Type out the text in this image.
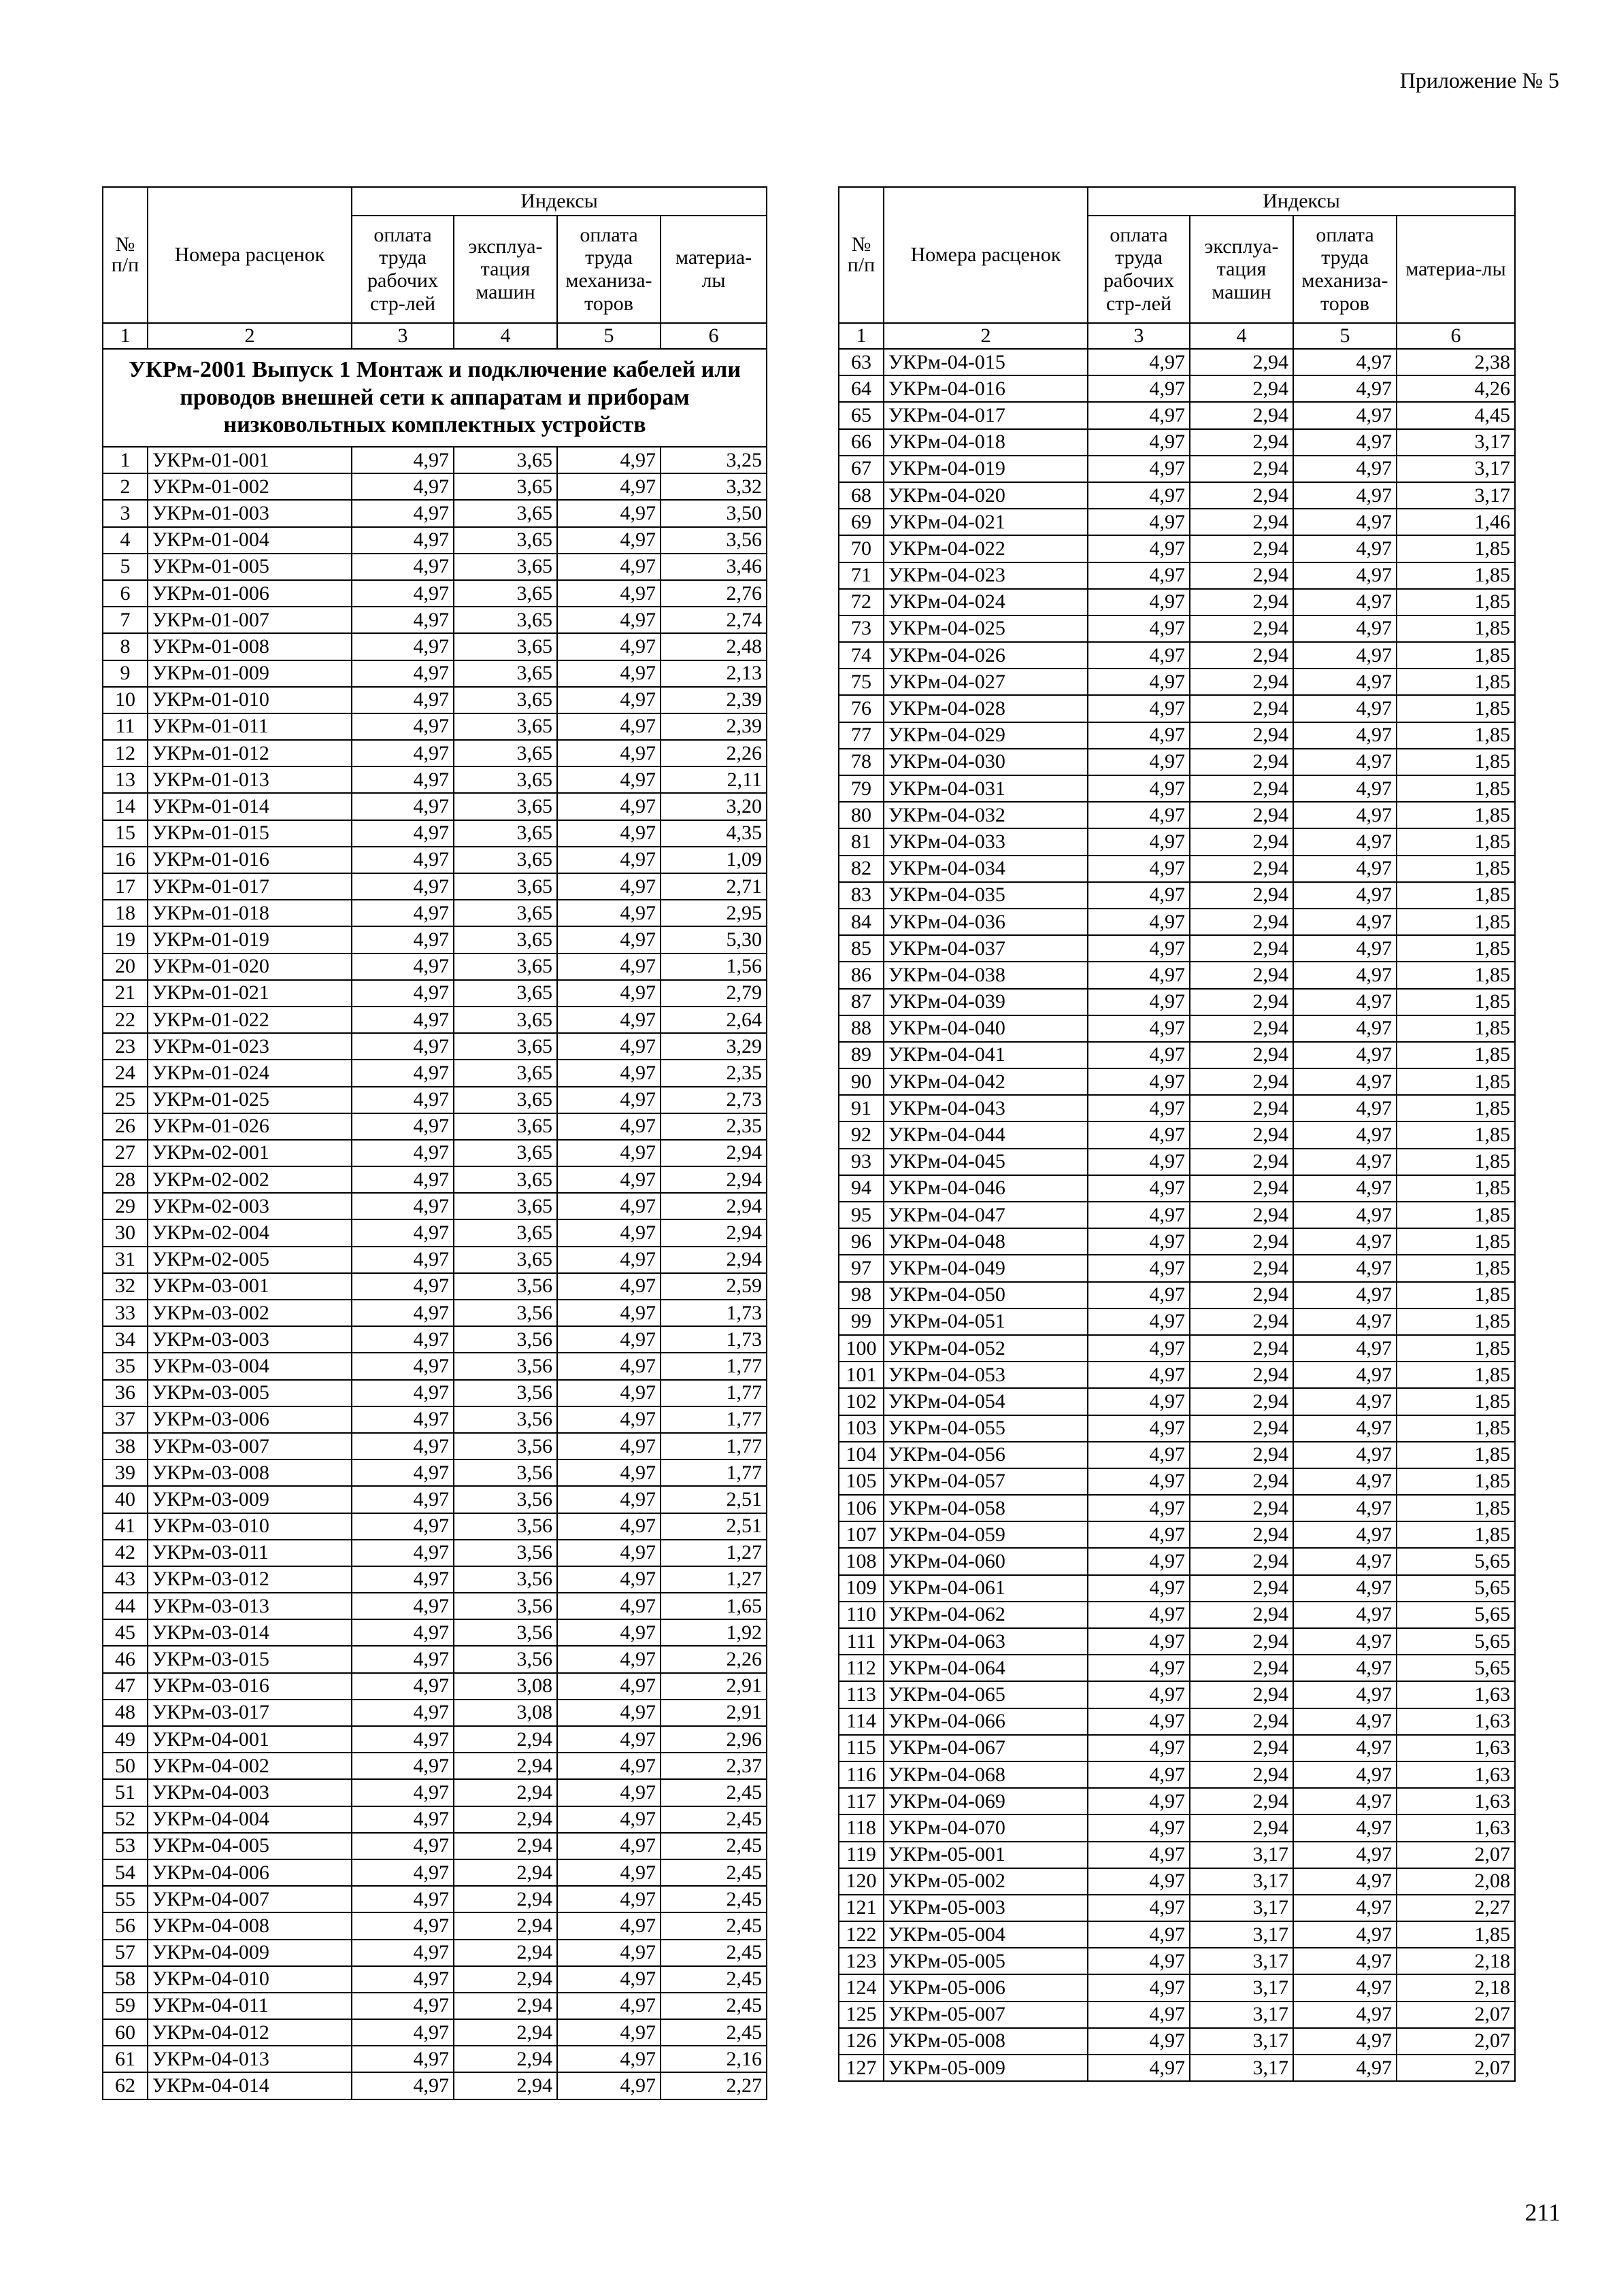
Приложение № 5
№ п/п	Номера расценок	Индексы			
		оплата труда рабочих стр-лей	эксплуа-тация машин	оплата труда механиза-торов	материа-лы
1	2	3	4	5	6
УКРм-2001 Выпуск 1 Монтаж и подключение кабелей или проводов внешней сети к аппаратам и приборам низковольтных комплектных устройств					
1	УКРм-01-001	4,97	3,65	4,97	3,25
2	УКРм-01-002	4,97	3,65	4,97	3,32
3	УКРм-01-003	4,97	3,65	4,97	3,50
4	УКРм-01-004	4,97	3,65	4,97	3,56
5	УКРм-01-005	4,97	3,65	4,97	3,46
6	УКРм-01-006	4,97	3,65	4,97	2,76
7	УКРм-01-007	4,97	3,65	4,97	2,74
8	УКРм-01-008	4,97	3,65	4,97	2,48
9	УКРм-01-009	4,97	3,65	4,97	2,13
10	УКРм-01-010	4,97	3,65	4,97	2,39
11	УКРм-01-011	4,97	3,65	4,97	2,39
12	УКРм-01-012	4,97	3,65	4,97	2,26
13	УКРм-01-013	4,97	3,65	4,97	2,11
14	УКРм-01-014	4,97	3,65	4,97	3,20
15	УКРм-01-015	4,97	3,65	4,97	4,35
16	УКРм-01-016	4,97	3,65	4,97	1,09
17	УКРм-01-017	4,97	3,65	4,97	2,71
18	УКРм-01-018	4,97	3,65	4,97	2,95
19	УКРм-01-019	4,97	3,65	4,97	5,30
20	УКРм-01-020	4,97	3,65	4,97	1,56
21	УКРм-01-021	4,97	3,65	4,97	2,79
22	УКРм-01-022	4,97	3,65	4,97	2,64
23	УКРм-01-023	4,97	3,65	4,97	3,29
24	УКРм-01-024	4,97	3,65	4,97	2,35
25	УКРм-01-025	4,97	3,65	4,97	2,73
26	УКРм-01-026	4,97	3,65	4,97	2,35
27	УКРм-02-001	4,97	3,65	4,97	2,94
28	УКРм-02-002	4,97	3,65	4,97	2,94
29	УКРм-02-003	4,97	3,65	4,97	2,94
30	УКРм-02-004	4,97	3,65	4,97	2,94
31	УКРм-02-005	4,97	3,65	4,97	2,94
32	УКРм-03-001	4,97	3,56	4,97	2,59
33	УКРм-03-002	4,97	3,56	4,97	1,73
34	УКРм-03-003	4,97	3,56	4,97	1,73
35	УКРм-03-004	4,97	3,56	4,97	1,77
36	УКРм-03-005	4,97	3,56	4,97	1,77
37	УКРм-03-006	4,97	3,56	4,97	1,77
38	УКРм-03-007	4,97	3,56	4,97	1,77
39	УКРм-03-008	4,97	3,56	4,97	1,77
40	УКРм-03-009	4,97	3,56	4,97	2,51
41	УКРм-03-010	4,97	3,56	4,97	2,51
42	УКРм-03-011	4,97	3,56	4,97	1,27
43	УКРм-03-012	4,97	3,56	4,97	1,27
44	УКРм-03-013	4,97	3,56	4,97	1,65
45	УКРм-03-014	4,97	3,56	4,97	1,92
46	УКРм-03-015	4,97	3,56	4,97	2,26
47	УКРм-03-016	4,97	3,08	4,97	2,91
48	УКРм-03-017	4,97	3,08	4,97	2,91
49	УКРм-04-001	4,97	2,94	4,97	2,96
50	УКРм-04-002	4,97	2,94	4,97	2,37
51	УКРм-04-003	4,97	2,94	4,97	2,45
52	УКРм-04-004	4,97	2,94	4,97	2,45
53	УКРм-04-005	4,97	2,94	4,97	2,45
54	УКРм-04-006	4,97	2,94	4,97	2,45
55	УКРм-04-007	4,97	2,94	4,97	2,45
56	УКРм-04-008	4,97	2,94	4,97	2,45
57	УКРм-04-009	4,97	2,94	4,97	2,45
58	УКРм-04-010	4,97	2,94	4,97	2,45
59	УКРм-04-011	4,97	2,94	4,97	2,45
60	УКРм-04-012	4,97	2,94	4,97	2,45
61	УКРм-04-013	4,97	2,94	4,97	2,16
62	УКРм-04-014	4,97	2,94	4,97	2,27
№ п/п	Номера расценок	Индексы			
		оплата труда рабочих стр-лей	эксплуа-тация машин	оплата труда механиза-торов	материа-лы
1	2	3	4	5	6
63	УКРм-04-015	4,97	2,94	4,97	2,38
64	УКРм-04-016	4,97	2,94	4,97	4,26
65	УКРм-04-017	4,97	2,94	4,97	4,45
66	УКРм-04-018	4,97	2,94	4,97	3,17
67	УКРм-04-019	4,97	2,94	4,97	3,17
68	УКРм-04-020	4,97	2,94	4,97	3,17
69	УКРм-04-021	4,97	2,94	4,97	1,46
70	УКРм-04-022	4,97	2,94	4,97	1,85
71	УКРм-04-023	4,97	2,94	4,97	1,85
72	УКРм-04-024	4,97	2,94	4,97	1,85
73	УКРм-04-025	4,97	2,94	4,97	1,85
74	УКРм-04-026	4,97	2,94	4,97	1,85
75	УКРм-04-027	4,97	2,94	4,97	1,85
76	УКРм-04-028	4,97	2,94	4,97	1,85
77	УКРм-04-029	4,97	2,94	4,97	1,85
78	УКРм-04-030	4,97	2,94	4,97	1,85
79	УКРм-04-031	4,97	2,94	4,97	1,85
80	УКРм-04-032	4,97	2,94	4,97	1,85
81	УКРм-04-033	4,97	2,94	4,97	1,85
82	УКРм-04-034	4,97	2,94	4,97	1,85
83	УКРм-04-035	4,97	2,94	4,97	1,85
84	УКРм-04-036	4,97	2,94	4,97	1,85
85	УКРм-04-037	4,97	2,94	4,97	1,85
86	УКРм-04-038	4,97	2,94	4,97	1,85
87	УКРм-04-039	4,97	2,94	4,97	1,85
88	УКРм-04-040	4,97	2,94	4,97	1,85
89	УКРм-04-041	4,97	2,94	4,97	1,85
90	УКРм-04-042	4,97	2,94	4,97	1,85
91	УКРм-04-043	4,97	2,94	4,97	1,85
92	УКРм-04-044	4,97	2,94	4,97	1,85
93	УКРм-04-045	4,97	2,94	4,97	1,85
94	УКРм-04-046	4,97	2,94	4,97	1,85
95	УКРм-04-047	4,97	2,94	4,97	1,85
96	УКРм-04-048	4,97	2,94	4,97	1,85
97	УКРм-04-049	4,97	2,94	4,97	1,85
98	УКРм-04-050	4,97	2,94	4,97	1,85
99	УКРм-04-051	4,97	2,94	4,97	1,85
100	УКРм-04-052	4,97	2,94	4,97	1,85
101	УКРм-04-053	4,97	2,94	4,97	1,85
102	УКРм-04-054	4,97	2,94	4,97	1,85
103	УКРм-04-055	4,97	2,94	4,97	1,85
104	УКРм-04-056	4,97	2,94	4,97	1,85
105	УКРм-04-057	4,97	2,94	4,97	1,85
106	УКРм-04-058	4,97	2,94	4,97	1,85
107	УКРм-04-059	4,97	2,94	4,97	1,85
108	УКРм-04-060	4,97	2,94	4,97	5,65
109	УКРм-04-061	4,97	2,94	4,97	5,65
110	УКРм-04-062	4,97	2,94	4,97	5,65
111	УКРм-04-063	4,97	2,94	4,97	5,65
112	УКРм-04-064	4,97	2,94	4,97	5,65
113	УКРм-04-065	4,97	2,94	4,97	1,63
114	УКРм-04-066	4,97	2,94	4,97	1,63
115	УКРм-04-067	4,97	2,94	4,97	1,63
116	УКРм-04-068	4,97	2,94	4,97	1,63
117	УКРм-04-069	4,97	2,94	4,97	1,63
118	УКРм-04-070	4,97	2,94	4,97	1,63
119	УКРм-05-001	4,97	3,17	4,97	2,07
120	УКРм-05-002	4,97	3,17	4,97	2,08
121	УКРм-05-003	4,97	3,17	4,97	2,27
122	УКРм-05-004	4,97	3,17	4,97	1,85
123	УКРм-05-005	4,97	3,17	4,97	2,18
124	УКРм-05-006	4,97	3,17	4,97	2,18
125	УКРм-05-007	4,97	3,17	4,97	2,07
126	УКРм-05-008	4,97	3,17	4,97	2,07
127	УКРм-05-009	4,97	3,17	4,97	2,07
211
